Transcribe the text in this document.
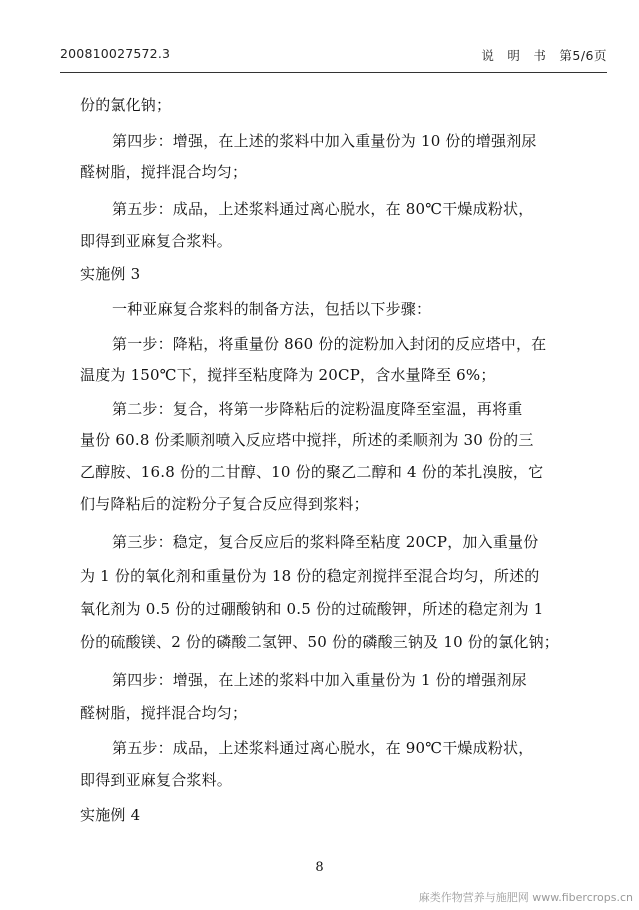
200810027572.3	说　明　书　第5/6页
份的氯化钠；
第四步：增强，在上述的浆料中加入重量份为 10 份的增强剂尿
醛树脂，搅拌混合均匀；
第五步：成品，上述浆料通过离心脱水，在 80℃干燥成粉状，
即得到亚麻复合浆料。
实施例 3
一种亚麻复合浆料的制备方法，包括以下步骤：
第一步：降粘，将重量份 860 份的淀粉加入封闭的反应塔中，在
温度为 150℃下，搅拌至粘度降为 20CP，含水量降至 6%；
第二步：复合，将第一步降粘后的淀粉温度降至室温，再将重
量份 60.8 份柔顺剂喷入反应塔中搅拌，所述的柔顺剂为 30 份的三
乙醇胺、16.8 份的二甘醇、10 份的聚乙二醇和 4 份的苯扎溴胺，它
们与降粘后的淀粉分子复合反应得到浆料；
第三步：稳定，复合反应后的浆料降至粘度 20CP，加入重量份
为 1 份的氧化剂和重量份为 18 份的稳定剂搅拌至混合均匀，所述的
氧化剂为 0.5 份的过硼酸钠和 0.5 份的过硫酸钾，所述的稳定剂为 1
份的硫酸镁、2 份的磷酸二氢钾、50 份的磷酸三钠及 10 份的氯化钠；
第四步：增强，在上述的浆料中加入重量份为 1 份的增强剂尿
醛树脂，搅拌混合均匀；
第五步：成品，上述浆料通过离心脱水，在 90℃干燥成粉状，
即得到亚麻复合浆料。
实施例 4
8
麻类作物营养与施肥网 www.fibercrops.cn
